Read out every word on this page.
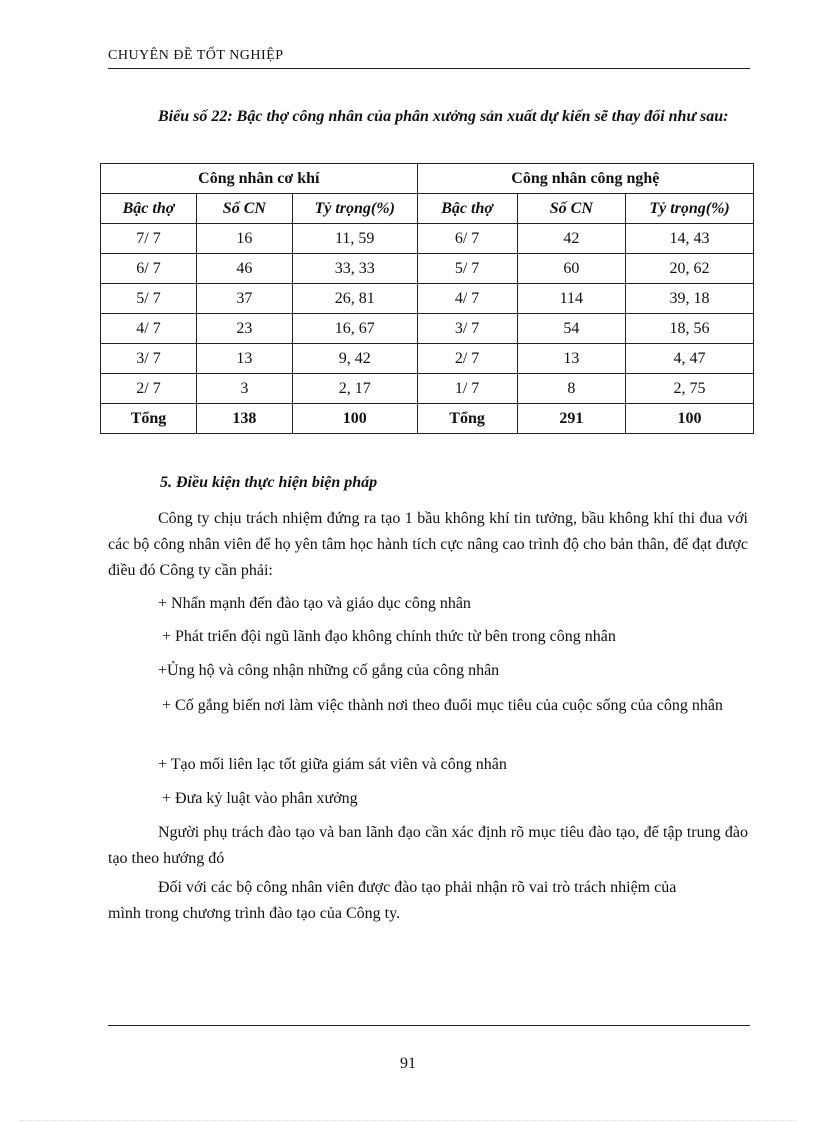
CHUYÊN ĐỀ TỐT NGHIỆP
Biểu số 22: Bậc thợ công nhân của phân xưởng sản xuất dự kiến sẽ thay đổi như sau:
Công nhân cơ khí			Công nhân công nghệ		
Bậc thợ	Số CN	Tỷ trọng(%)	Bậc thợ	Số CN	Tỷ trọng(%)
7/ 7	16	11, 59	6/ 7	42	14, 43
6/ 7	46	33, 33	5/ 7	60	20, 62
5/ 7	37	26, 81	4/ 7	114	39, 18
4/ 7	23	16, 67	3/ 7	54	18, 56
3/ 7	13	9, 42	2/ 7	13	4, 47
2/ 7	3	2, 17	1/ 7	8	2, 75
Tổng	138	100	Tổng	291	100
5. Điều kiện thực hiện biện pháp
Công ty chịu trách nhiệm đứng ra tạo 1 bầu không khí tin tưởng, bầu không khí thi đua với các bộ công nhân viên để họ yên tâm học hành tích cực nâng cao trình độ cho bản thân, để đạt được điều đó Công ty cần phải:
+ Nhấn mạnh đến đào tạo và giáo dục công nhân
+ Phát triển đội ngũ lãnh đạo không chính thức từ bên trong công nhân
+Ủng hộ và công nhận những cố gắng của công nhân
+ Cố gắng biến nơi làm việc thành nơi theo đuổi mục tiêu của cuộc sống của công nhân
+ Tạo mối liên lạc tốt giữa giám sát viên và công nhân
+ Đưa kỷ luật vào phân xưởng
Người phụ trách đào tạo và ban lãnh đạo cần xác định rõ mục tiêu đào tạo, để tập trung đào tạo theo hướng đó
Đối với các bộ công nhân viên được đào tạo phải nhận rõ vai trò trách nhiệm của mình trong chương trình đào tạo của Công ty.
91
